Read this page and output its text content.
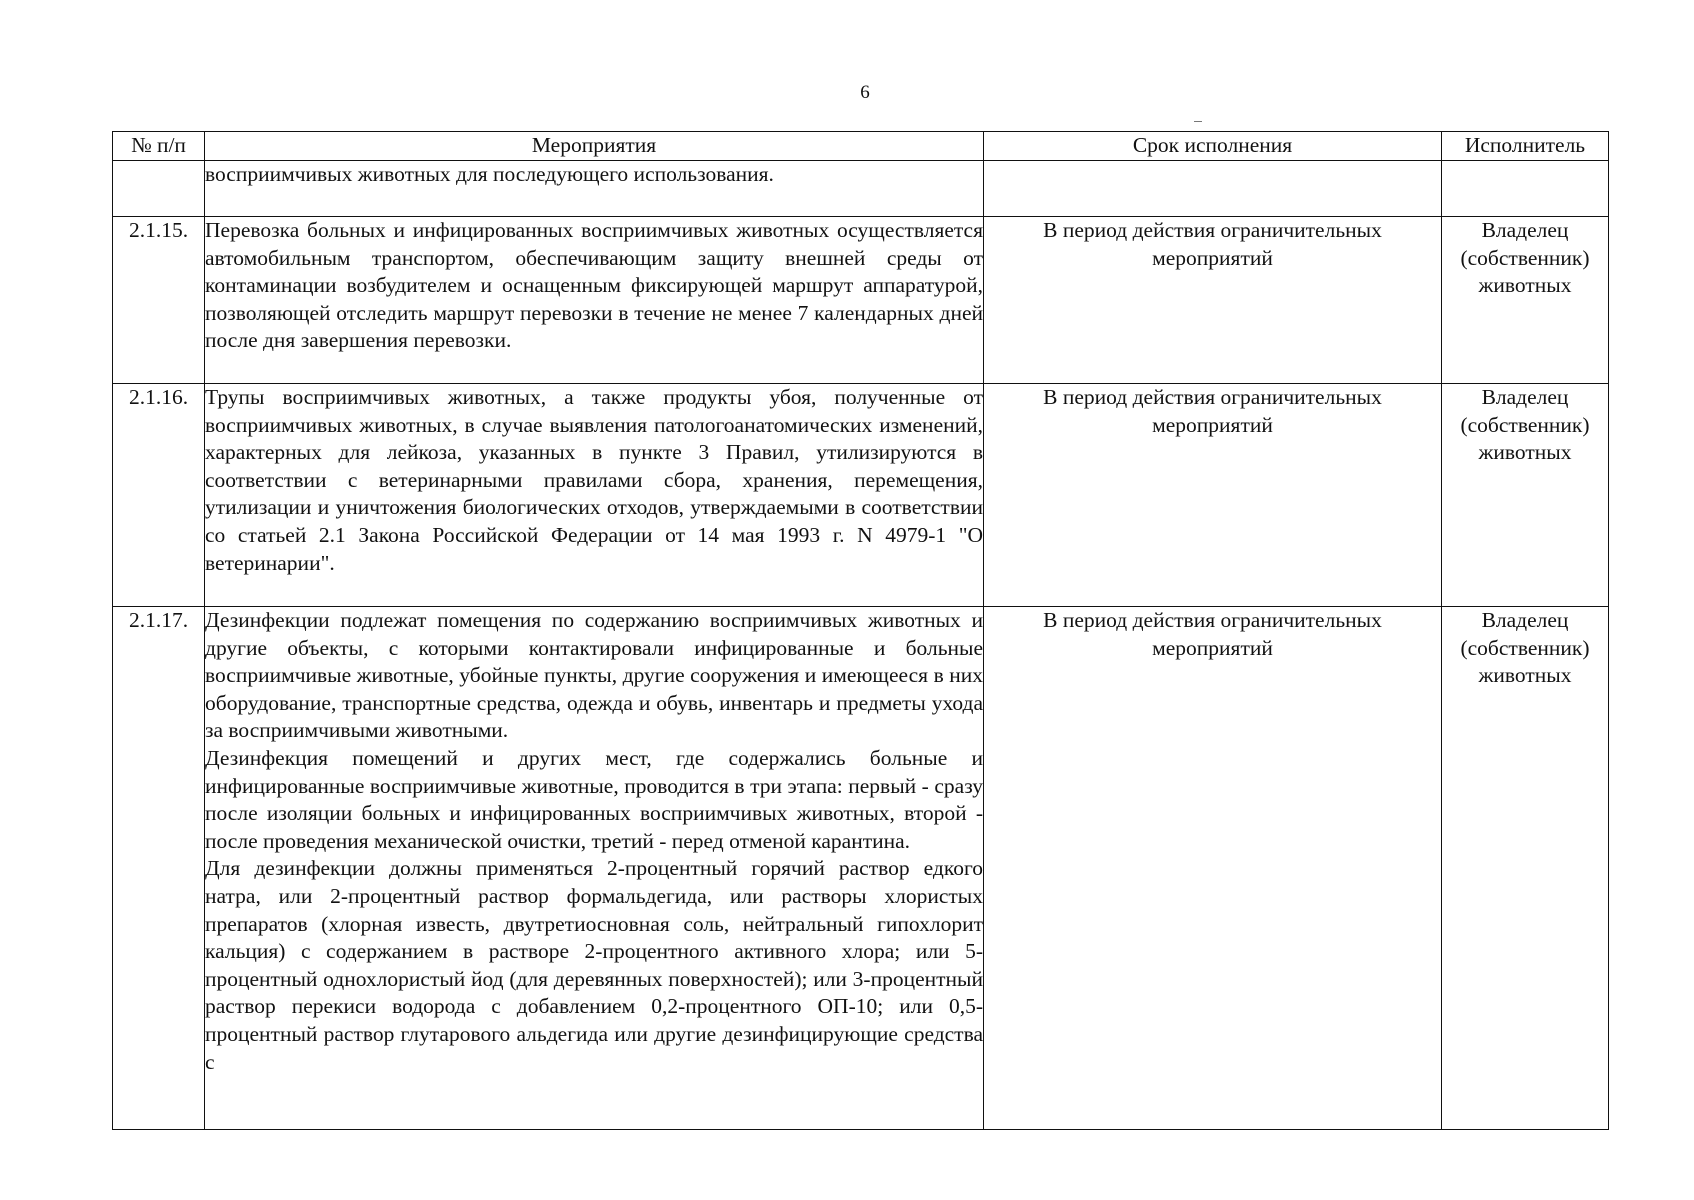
6
№ п/п	Мероприятия	Срок исполнения	Исполнитель

	восприимчивых животных для последующего использования.		

2.1.15.	Перевозка больных и инфицированных восприимчивых животных осуществляется автомобильным транспортом, обеспечивающим защиту внешней среды от контаминации возбудителем и оснащенным фиксирующей маршрут аппаратурой, позволяющей отследить маршрут перевозки в течение не менее 7 календарных дней после дня завершения перевозки.	В период действия ограничительных мероприятий	Владелец (собственник) животных
2.1.16.	Трупы восприимчивых животных, а также продукты убоя, полученные от восприимчивых животных, в случае выявления патологоанатомических изменений, характерных для лейкоза, указанных в пункте 3 Правил, утилизируются в соответствии с ветеринарными правилами сбора, хранения, перемещения, утилизации и уничтожения биологических отходов, утверждаемыми в соответствии со статьей 2.1 Закона Российской Федерации от 14 мая 1993 г. N 4979-1 "О ветеринарии".	В период действия ограничительных мероприятий	Владелец (собственник) животных
2.1.17.	Дезинфекции подлежат помещения по содержанию восприимчивых животных и другие объекты, с которыми контактировали инфицированные и больные восприимчивые животные, убойные пункты, другие сооружения и имеющееся в них оборудование, транспортные средства, одежда и обувь, инвентарь и предметы ухода за восприимчивыми животными.
Дезинфекция помещений и других мест, где содержались больные и инфицированные восприимчивые животные, проводится в три этапа: первый - сразу после изоляции больных и инфицированных восприимчивых животных, второй - после проведения механической очистки, третий - перед отменой карантина.
Для дезинфекции должны применяться 2-процентный горячий раствор едкого натра, или 2-процентный раствор формальдегида, или растворы хлористых препаратов (хлорная известь, двутретиосновная соль, нейтральный гипохлорит кальция) с содержанием в растворе 2-процентного активного хлора; или 5-процентный однохлористый йод (для деревянных поверхностей); или 3-процентный раствор перекиси водорода с добавлением 0,2-процентного ОП-10; или 0,5-процентный раствор глутарового альдегида или другие дезинфицирующие средства с	В период действия ограничительных мероприятий	Владелец (собственник) животных
